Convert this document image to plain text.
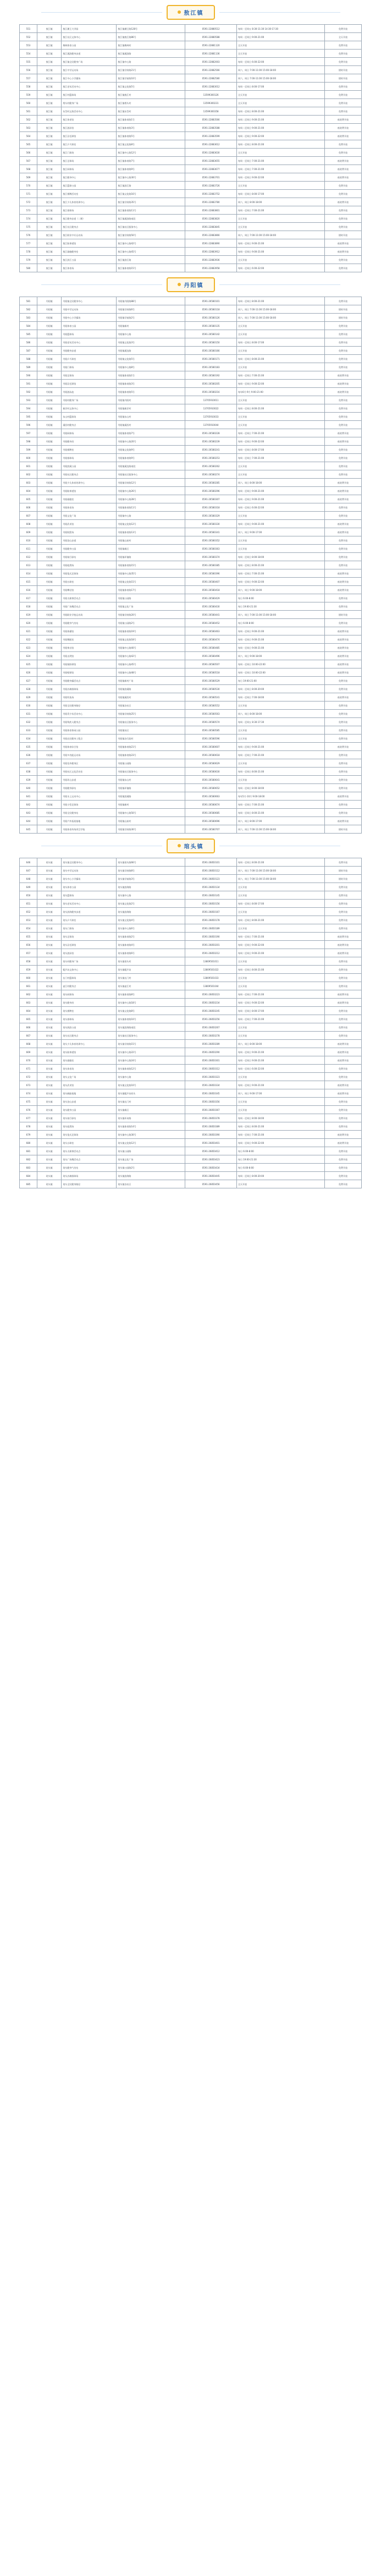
敖江镇
551	敖江镇	敖江潮王大学园	敖江镇潮王路128号	0591-22880512	每周一至周五 8:30-11:30 14:30-17:30	免费开放
552	敖江镇	敖江社区文体中心	敖江镇敖江路86号	0591-22880588	每周一至周日 9:00-21:00	全天开放
553	敖江镇	梅林体育公园	敖江镇梅林村	0591-22881120	全天开放	免费开放
554	敖江镇	敖江溪滨健身步道	敖江镇溪滨路	0591-22881136	全天开放	免费开放
555	敖江镇	敖江镇全民健身广场	敖江镇中心路	0591-22882003	每周一至周日 6:00-22:00	免费开放
556	敖江镇	敖江中学运动场	敖江镇学府路21号	0591-22882566	周六、周日 7:00-11:00 15:00-18:00	错时开放
557	敖江镇	敖江中心小学操场	敖江镇学前路10号	0591-22882580	周六、周日 7:00-11:00 15:00-18:00	错时开放
558	敖江镇	敖江老年活动中心	敖江镇文化路5号	0591-22883012	每周一至周日 8:00-17:00	免费开放
559	敖江镇	敖江村篮球场	敖江镇敖江村	13599300126	全天开放	免费开放
560	敖江镇	塔头村健身广场	敖江镇塔头村	13599300231	全天开放	免费开放
561	敖江镇	东岱村文体活动中心	敖江镇东岱村	13599300358	每周一至周日 8:00-21:00	免费开放
562	敖江镇	敖江体育馆	敖江镇体育路1号	0591-22883566	每周二至周日 9:00-21:00	低收费开放
563	敖江镇	敖江游泳馆	敖江镇体育路3号	0591-22883588	每周二至周日 9:00-21:00	低收费开放
564	敖江镇	敖江羽毛球馆	敖江镇体育路5号	0591-22883599	每周一至周日 9:00-22:00	低收费开放
565	敖江镇	敖江乒乓球室	敖江镇文化路8号	0591-22883612	每周一至周日 8:00-21:00	免费开放
566	敖江镇	敖江门球场	敖江镇中心路12号	0591-22883630	全天开放	免费开放
567	敖江镇	敖江足球场	敖江镇体育路7号	0591-22883655	每周一至周日 7:00-21:00	低收费开放
568	敖江镇	敖江网球场	敖江镇体育路9号	0591-22883677	每周一至周日 7:00-21:00	低收费开放
569	敖江镇	敖江健身中心	敖江镇中心路30号	0591-22883701	每周一至周日 9:00-22:00	低收费开放
570	敖江镇	敖江篮球公园	敖江镇滨江路	0591-22883726	全天开放	免费开放
571	敖江镇	敖江棋牌活动室	敖江镇文化路16号	0591-22883752	每周一至周日 8:00-17:00	免费开放
572	敖江镇	敖江少儿体育培训中心	敖江镇学府路35号	0591-22883780	周六、周日 8:00-18:00	低收费开放
573	敖江镇	敖江排球场	敖江镇体育路11号	0591-22883801	每周一至周日 7:00-21:00	免费开放
574	敖江镇	敖江健身步道（二期）	敖江镇溪滨路南段	0591-22883820	全天开放	免费开放
575	敖江镇	敖江社区健身点	敖江镇社区服务中心	0591-22883845	全天开放	免费开放
576	敖江镇	敖江职业中专运动场	敖江镇学府路50号	0591-22883866	周六、周日 7:00-11:00 15:00-18:00	错时开放
577	敖江镇	敖江跆拳道馆	敖江镇中心路42号	0591-22883890	每周一至周日 9:00-21:00	低收费开放
578	敖江镇	敖江瑜伽健身室	敖江镇中心路45号	0591-22883912	每周一至周日 9:00-21:00	低收费开放
579	敖江镇	敖江滨江公园	敖江镇滨江路	0591-22883936	全天开放	免费开放
580	敖江镇	敖江体育场	敖江镇体育路15号	0591-22883958	每周一至周日 6:00-22:00	免费开放
丹阳镇
581	丹阳镇	丹阳镇全民健身中心	丹阳镇丹阳路88号	0591-26580101	每周一至周日 8:00-21:00	免费开放
582	丹阳镇	丹阳中学运动场	丹阳镇学府路6号	0591-26580118	周六、周日 7:00-11:00 15:00-18:00	错时开放
583	丹阳镇	丹阳中心小学操场	丹阳镇学前路2号	0591-26580126	周六、周日 7:00-11:00 15:00-18:00	错时开放
584	丹阳镇	丹阳体育公园	丹阳镇新村	0591-26580135	全天开放	免费开放
585	丹阳镇	丹阳篮球场	丹阳镇中心路	0591-26580142	全天开放	免费开放
586	丹阳镇	丹阳老年活动中心	丹阳镇文化路3号	0591-26580150	每周一至周日 8:00-17:00	免费开放
587	丹阳镇	丹阳健身步道	丹阳镇溪边路	0591-26580166	全天开放	免费开放
588	丹阳镇	丹阳乒乓球室	丹阳镇文化路5号	0591-26580171	每周一至周日 8:00-21:00	免费开放
589	丹阳镇	丹阳门球场	丹阳镇中心路8号	0591-26580183	全天开放	免费开放
590	丹阳镇	丹阳足球场	丹阳镇体育路1号	0591-26580192	每周一至周日 7:00-21:00	低收费开放
591	丹阳镇	丹阳羽毛球馆	丹阳镇体育路3号	0591-26580205	每周一至周日 9:00-22:00	低收费开放
592	丹阳镇	丹阳游泳池	丹阳镇体育路5号	0591-26580216	每年6月-9月 9:00-21:00	低收费开放
593	丹阳镇	丹阳村健身广场	丹阳镇丹阳村	13705910011	全天开放	免费开放
594	丹阳镇	新洋村文体中心	丹阳镇新洋村	13705910022	每周一至周日 8:00-21:00	免费开放
595	丹阳镇	东山村篮球场	丹阳镇东山村	13705910033	全天开放	免费开放
596	丹阳镇	溪西村健身点	丹阳镇溪西村	13705910044	全天开放	免费开放
597	丹阳镇	丹阳网球场	丹阳镇体育路7号	0591-26580228	每周一至周日 7:00-21:00	低收费开放
598	丹阳镇	丹阳健身房	丹阳镇中心路20号	0591-26580239	每周一至周日 9:00-22:00	低收费开放
599	丹阳镇	丹阳棋牌室	丹阳镇文化路9号	0591-26580241	每周一至周日 8:00-17:00	免费开放
600	丹阳镇	丹阳排球场	丹阳镇体育路9号	0591-26580253	每周一至周日 7:00-21:00	免费开放
601	丹阳镇	丹阳滨溪公园	丹阳镇溪边路南段	0591-26580262	全天开放	免费开放
602	丹阳镇	丹阳社区健身点	丹阳镇社区服务中心	0591-26580274	全天开放	免费开放
603	丹阳镇	丹阳少儿体育培训中心	丹阳镇学府路12号	0591-26580285	周六、周日 8:00-18:00	低收费开放
604	丹阳镇	丹阳跆拳道馆	丹阳镇中心路26号	0591-26580296	每周一至周日 9:00-21:00	低收费开放
605	丹阳镇	丹阳瑜伽室	丹阳镇中心路28号	0591-26580307	每周一至周日 9:00-21:00	低收费开放
606	丹阳镇	丹阳体育场	丹阳镇体育路11号	0591-26580318	每周一至周日 6:00-22:00	免费开放
607	丹阳镇	丹阳文化广场	丹阳镇中心路	0591-26580329	全天开放	免费开放
608	丹阳镇	丹阳武术馆	丹阳镇文化路12号	0591-26580330	每周一至周日 9:00-21:00	低收费开放
609	丹阳镇	丹阳射箭场	丹阳镇体育路13号	0591-26580341	周六、周日 9:00-17:00	低收费开放
610	丹阳镇	丹阳登山步道	丹阳镇山前村	0591-26580352	全天开放	免费开放
611	丹阳镇	丹阳健身公园	丹阳镇新区	0591-26580363	全天开放	免费开放
612	丹阳镇	丹阳骑行驿站	丹阳镇环镇路	0591-26580374	每周一至周日 8:00-18:00	免费开放
613	丹阳镇	丹阳轮滑场	丹阳镇体育路15号	0591-26580385	每周一至周日 8:00-21:00	免费开放
614	丹阳镇	丹阳笼式足球场	丹阳镇中心路35号	0591-26580396	每周一至周日 7:00-21:00	低收费开放
615	丹阳镇	丹阳台球室	丹阳镇文化路15号	0591-26580407	每周一至周日 9:00-22:00	低收费开放
616	丹阳镇	丹阳攀岩馆	丹阳镇体育路17号	0591-26580418	周六、周日 9:00-18:00	低收费开放
617	丹阳镇	丹阳太极拳活动点	丹阳镇公园路	0591-26580429	每日 6:00-8:00	免费开放
618	丹阳镇	丹阳广场舞活动点	丹阳镇文化广场	0591-26580430	每日 19:00-21:30	免费开放
619	丹阳镇	丹阳职业学校运动场	丹阳镇学府路20号	0591-26580441	周六、周日 7:00-11:00 15:00-18:00	错时开放
620	丹阳镇	丹阳健身气功站	丹阳镇公园路2号	0591-26580452	每日 6:00-8:00	免费开放
621	丹阳镇	丹阳体操馆	丹阳镇体育路19号	0591-26580463	每周一至周日 9:00-21:00	低收费开放
622	丹阳镇	丹阳舞蹈室	丹阳镇文化路18号	0591-26580474	每周一至周日 9:00-21:00	低收费开放
623	丹阳镇	丹阳拳击馆	丹阳镇中心路40号	0591-26580485	每周一至周日 9:00-21:00	低收费开放
624	丹阳镇	丹阳击剑馆	丹阳镇中心路42号	0591-26580496	周六、周日 9:00-18:00	低收费开放
625	丹阳镇	丹阳保龄球馆	丹阳镇中心路45号	0591-26580507	每周一至周日 10:00-22:00	低收费开放
626	丹阳镇	丹阳壁球馆	丹阳镇中心路48号	0591-26580518	每周一至周日 10:00-22:00	低收费开放
627	丹阳镇	丹阳健身操活动点	丹阳镇新村广场	0591-26580529	每日 19:00-21:00	免费开放
628	丹阳镇	丹阳沙滩排球场	丹阳镇滨溪路	0591-26580530	每周一至周日 8:00-20:00	免费开放
629	丹阳镇	丹阳钓鱼场	丹阳镇溪西村	0591-26580541	每周一至周日 7:00-18:00	低收费开放
630	丹阳镇	丹阳全民健身路径	丹阳镇各社区	0591-26580552	全天开放	免费开放
631	丹阳镇	丹阳青少年活动中心	丹阳镇学府路25号	0591-26580563	周六、周日 8:00-18:00	免费开放
632	丹阳镇	丹阳残疾人健身点	丹阳镇社区服务中心	0591-26580574	每周一至周五 8:30-17:30	免费开放
633	丹阳镇	丹阳体育休闲公园	丹阳镇东区	0591-26580585	全天开放	免费开放
634	丹阳镇	丹阳农民健身工程点	丹阳镇各行政村	0591-26580596	全天开放	免费开放
635	丹阳镇	丹阳体育综合馆	丹阳镇体育路21号	0591-26580607	每周二至周日 9:00-21:00	低收费开放
636	丹阳镇	丹阳多功能运动场	丹阳镇体育路23号	0591-26580618	每周一至周日 7:00-21:00	免费开放
637	丹阳镇	丹阳室外健身区	丹阳镇公园路	0591-26580629	全天开放	免费开放
638	丹阳镇	丹阳社区文化活动室	丹阳镇社区服务中心	0591-26580630	每周一至周日 8:00-21:00	免费开放
639	丹阳镇	丹阳环山步道	丹阳镇东山村	0591-26580641	全天开放	免费开放
640	丹阳镇	丹阳健身驿站	丹阳镇环镇路	0591-26580652	每周一至周日 8:00-18:00	免费开放
641	丹阳镇	丹阳水上运动中心	丹阳镇滨溪路	0591-26580663	每年5月-10月 9:00-18:00	低收费开放
642	丹阳镇	丹阳小型足球场	丹阳镇新村	0591-26580674	每周一至周日 7:00-21:00	免费开放
643	丹阳镇	丹阳全民健身站	丹阳镇中心路50号	0591-26580685	每周一至周日 8:00-21:00	免费开放
644	丹阳镇	丹阳户外拓展基地	丹阳镇山前村	0591-26580696	周六、周日 8:00-17:00	低收费开放
645	丹阳镇	丹阳体育传统项目学校	丹阳镇学府路30号	0591-26580707	周六、周日 7:00-11:00 15:00-18:00	错时开放
琯头镇
646	琯头镇	琯头镇全民健身中心	琯头镇琯头路66号	0591-26850101	每周一至周日 8:00-21:00	免费开放
647	琯头镇	琯头中学运动场	琯头镇学府路8号	0591-26850112	周六、周日 7:00-11:00 15:00-18:00	错时开放
648	琯头镇	琯头中心小学操场	琯头镇学前路3号	0591-26850123	周六、周日 7:00-11:00 15:00-18:00	错时开放
649	琯头镇	琯头体育公园	琯头镇滨海路	0591-26850134	全天开放	免费开放
650	琯头镇	琯头篮球场	琯头镇中心路	0591-26850145	全天开放	免费开放
651	琯头镇	琯头老年活动中心	琯头镇文化路2号	0591-26850156	每周一至周日 8:00-17:00	免费开放
652	琯头镇	琯头滨海健身步道	琯头镇滨海路	0591-26850167	全天开放	免费开放
653	琯头镇	琯头乒乓球室	琯头镇文化路4号	0591-26850178	每周一至周日 8:00-21:00	免费开放
654	琯头镇	琯头门球场	琯头镇中心路6号	0591-26850189	全天开放	免费开放
655	琯头镇	琯头足球场	琯头镇体育路2号	0591-26850190	每周一至周日 7:00-21:00	低收费开放
656	琯头镇	琯头羽毛球馆	琯头镇体育路4号	0591-26850201	每周一至周日 9:00-22:00	低收费开放
657	琯头镇	琯头游泳馆	琯头镇体育路6号	0591-26850212	每周二至周日 9:00-21:00	低收费开放
658	琯头镇	琯头村健身广场	琯头镇琯头村	13809501011	全天开放	免费开放
659	琯头镇	粗芦岛文体中心	琯头镇粗芦岛	13809501022	每周一至周日 8:00-21:00	免费开放
660	琯头镇	长门村篮球场	琯头镇长门村	13809501033	全天开放	免费开放
661	琯头镇	壶江村健身点	琯头镇壶江村	13809501044	全天开放	免费开放
662	琯头镇	琯头网球场	琯头镇体育路8号	0591-26850223	每周一至周日 7:00-21:00	低收费开放
663	琯头镇	琯头健身房	琯头镇中心路18号	0591-26850234	每周一至周日 9:00-22:00	低收费开放
664	琯头镇	琯头棋牌室	琯头镇文化路8号	0591-26850245	每周一至周日 8:00-17:00	免费开放
665	琯头镇	琯头排球场	琯头镇体育路10号	0591-26850256	每周一至周日 7:00-21:00	免费开放
666	琯头镇	琯头海滨公园	琯头镇滨海路南段	0591-26850267	全天开放	免费开放
667	琯头镇	琯头社区健身点	琯头镇社区服务中心	0591-26850278	全天开放	免费开放
668	琯头镇	琯头少儿体育培训中心	琯头镇学府路15号	0591-26850289	周六、周日 8:00-18:00	低收费开放
669	琯头镇	琯头跆拳道馆	琯头镇中心路22号	0591-26850290	每周一至周日 9:00-21:00	低收费开放
670	琯头镇	琯头瑜伽室	琯头镇中心路24号	0591-26850301	每周一至周日 9:00-21:00	低收费开放
671	琯头镇	琯头体育场	琯头镇体育路12号	0591-26850312	每周一至周日 6:00-22:00	免费开放
672	琯头镇	琯头文化广场	琯头镇中心路	0591-26850323	全天开放	免费开放
673	琯头镇	琯头武术馆	琯头镇文化路10号	0591-26850334	每周一至周日 9:00-21:00	低收费开放
674	琯头镇	琯头帆船基地	琯头镇粗芦岛码头	0591-26850345	周六、周日 9:00-17:00	低收费开放
675	琯头镇	琯头登山步道	琯头镇长门村	0591-26850356	全天开放	免费开放
676	琯头镇	琯头健身公园	琯头镇新区	0591-26850367	全天开放	免费开放
677	琯头镇	琯头骑行驿站	琯头镇环岛路	0591-26850378	每周一至周日 8:00-18:00	免费开放
678	琯头镇	琯头轮滑场	琯头镇体育路14号	0591-26850389	每周一至周日 8:00-21:00	免费开放
679	琯头镇	琯头笼式足球场	琯头镇中心路30号	0591-26850390	每周一至周日 7:00-21:00	低收费开放
680	琯头镇	琯头台球室	琯头镇文化路12号	0591-26850401	每周一至周日 9:00-22:00	低收费开放
681	琯头镇	琯头太极拳活动点	琯头镇公园路	0591-26850412	每日 6:00-8:00	免费开放
682	琯头镇	琯头广场舞活动点	琯头镇文化广场	0591-26850423	每日 19:00-21:30	免费开放
683	琯头镇	琯头健身气功站	琯头镇公园路2号	0591-26850434	每日 6:00-8:00	免费开放
684	琯头镇	琯头沙滩排球场	琯头镇滨海路	0591-26850445	每周一至周日 8:00-20:00	免费开放
685	琯头镇	琯头全民健身路径	琯头镇各社区	0591-26850456	全天开放	免费开放
